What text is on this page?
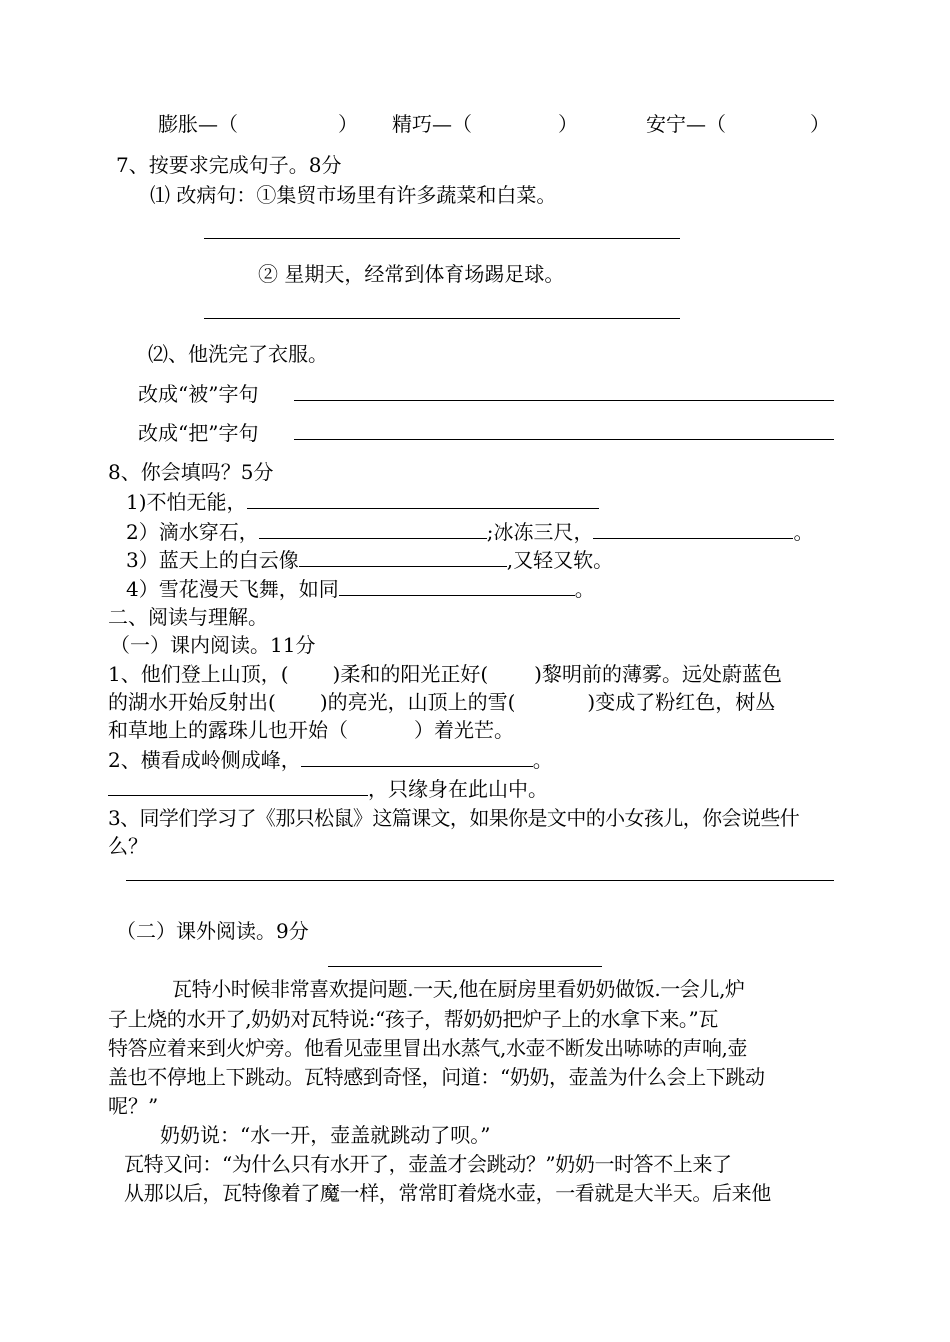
膨胀—（	） 精巧—（	）	安宁—（	）
7、按要求完成句子。8分
⑴ 改病句：①集贸市场里有许多蔬菜和白菜。
② 星期天，经常到体育场踢足球。
⑵、他洗完了衣服。
改成“被”字句
改成“把”字句
8、你会填吗？5分
1)不怕无能，
2）滴水穿石，	;冰冻三尺，	。
3）蓝天上的白云像	,又轻又软。
4）雪花漫天飞舞，如同	。
二、阅读与理解。
（一）课内阅读。11分
1、他们登上山顶，( )柔和的阳光正好( )黎明前的薄雾。远处蔚蓝色
的湖水开始反射出( )的亮光，山顶上的雪(	)变成了粉红色，树丛
和草地上的露珠儿也开始（	）着光芒。
2、横看成岭侧成峰，	。
，只缘身在此山中。
3、同学们学习了《那只松鼠》这篇课文，如果你是文中的小女孩儿，你会说些什
么？
（二）课外阅读。9分
瓦特小时候非常喜欢提问题.一天,他在厨房里看奶奶做饭.一会儿,炉
子上烧的水开了,奶奶对瓦特说:“孩子，帮奶奶把炉子上的水拿下来。”瓦
特答应着来到火炉旁。他看见壶里冒出水蒸气,水壶不断发出哧哧的声响,壶
盖也不停地上下跳动。瓦特感到奇怪，问道：“奶奶，壶盖为什么会上下跳动
呢？”
奶奶说：“水一开，壶盖就跳动了呗。”
瓦特又问：“为什么只有水开了，壶盖才会跳动？”奶奶一时答不上来了
从那以后，瓦特像着了魔一样，常常盯着烧水壶，一看就是大半天。后来他
